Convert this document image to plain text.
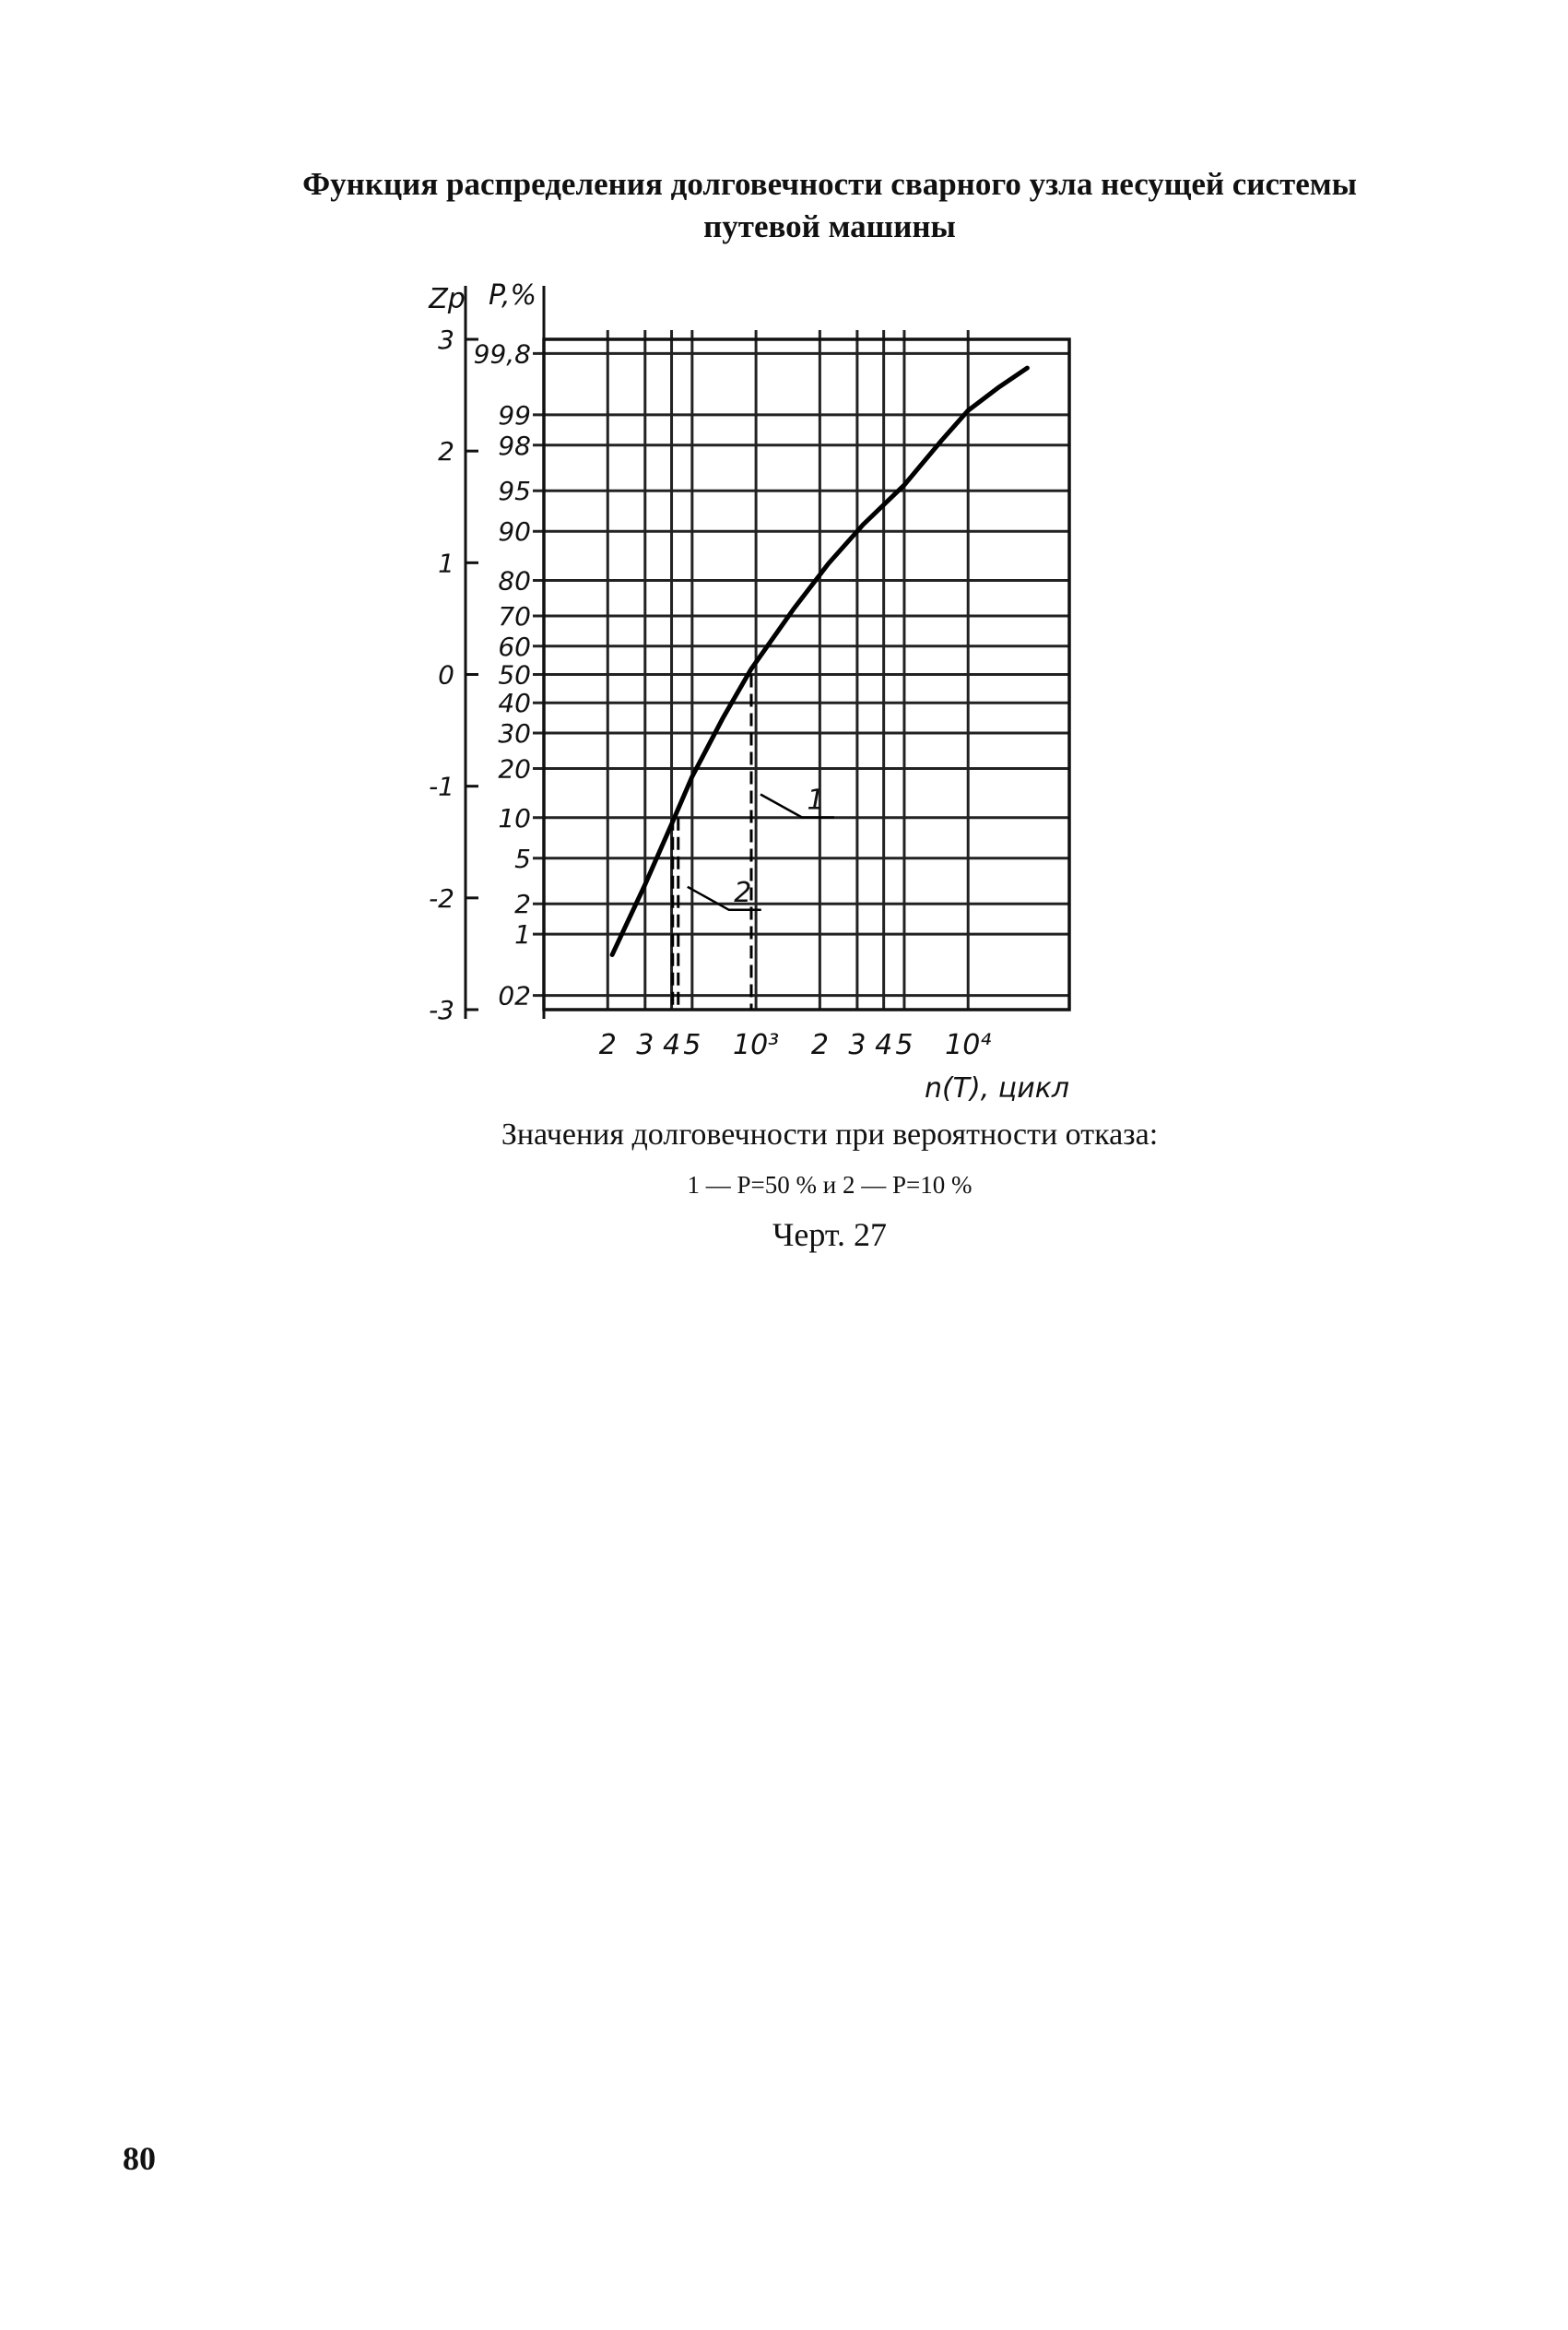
Функция распределения долговечности сварного узла несущей системы
путевой машины
3
2
1
0
-1
-2
-3
99,8
99
98
95
90
80
70
60
50
40
30
20
10
5
2
1
02
2 3 4 5 10³ 2 3 4 5 10⁴
Zp P,%
n(T), цикл
1
2
Значения долговечности при вероятности отказа:
1 — P=50 % и 2 — P=10 %
Черт. 27
80
